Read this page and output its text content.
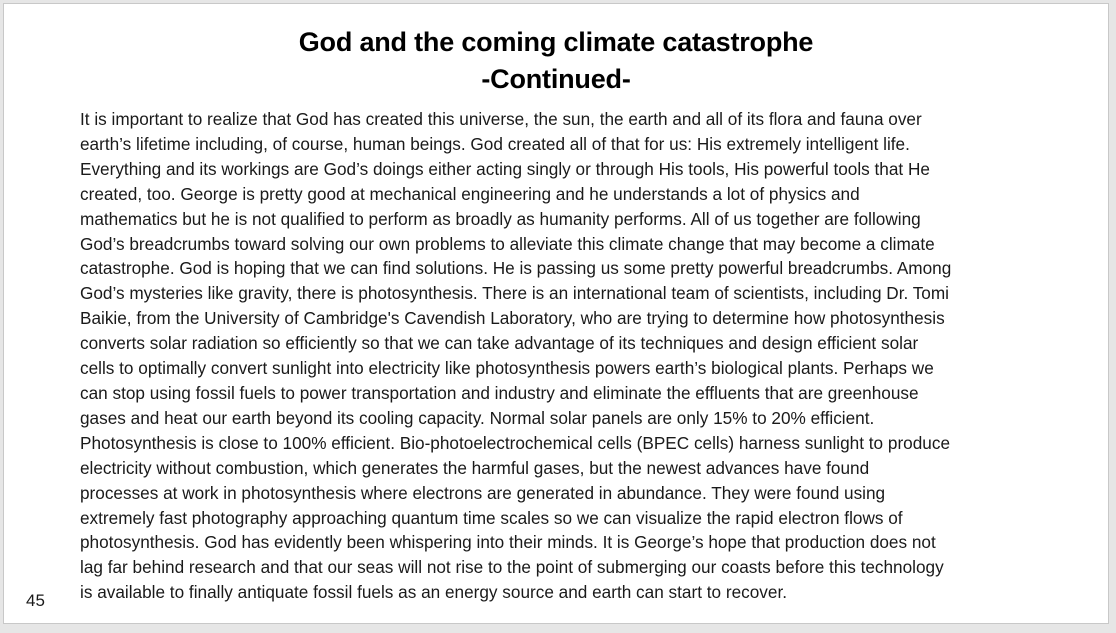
God and the coming climate catastrophe
-Continued-
It is important to realize that God has created this universe, the sun, the earth and all of its flora and fauna over
earth’s lifetime including, of course, human beings. God created all of that for us: His extremely intelligent life.
Everything and its workings are God’s doings either acting singly or through His tools, His powerful tools that He
created, too. George is pretty good at mechanical engineering and he understands a lot of physics and
mathematics but he is not qualified to perform as broadly as humanity performs. All of us together are following
God’s breadcrumbs toward solving our own problems to alleviate this climate change that may become a climate
catastrophe. God is hoping that we can find solutions. He is passing us some pretty powerful breadcrumbs. Among
God’s mysteries like gravity, there is photosynthesis. There is an international team of scientists, including Dr. Tomi
Baikie, from the University of Cambridge's Cavendish Laboratory, who are trying to determine how photosynthesis
converts solar radiation so efficiently so that we can take advantage of its techniques and design efficient solar
cells to optimally convert sunlight into electricity like photosynthesis powers earth’s biological plants. Perhaps we
can stop using fossil fuels to power transportation and industry and eliminate the effluents that are greenhouse
gases and heat our earth beyond its cooling capacity. Normal solar panels are only 15% to 20% efficient.
Photosynthesis is close to 100% efficient. Bio-photoelectrochemical cells (BPEC cells) harness sunlight to produce
electricity without combustion, which generates the harmful gases, but the newest advances have found
processes at work in photosynthesis where electrons are generated in abundance. They were found using
extremely fast photography approaching quantum time scales so we can visualize the rapid electron flows of
photosynthesis. God has evidently been whispering into their minds. It is George’s hope that production does not
lag far behind research and that our seas will not rise to the point of submerging our coasts before this technology
is available to finally antiquate fossil fuels as an energy source and earth can start to recover.
45
